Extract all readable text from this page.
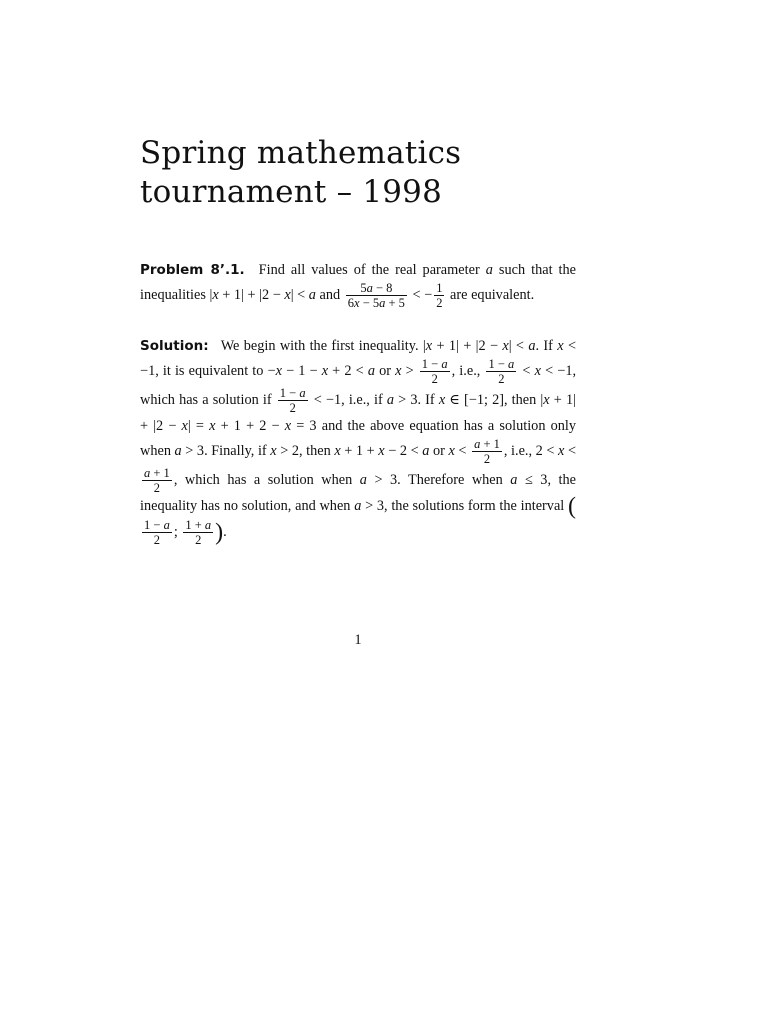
Spring mathematics
tournament – 1998
Problem 8’.1. Find all values of the real parameter a such that the inequalities |x + 1| + |2 − x| < a and $\frac{5a - 8}{6x - 5a + 5}$ < − $\frac{1}{2}$ are equivalent.
Solution: We begin with the first inequality. |x + 1| + |2 − x| < a. If x < −1, it is equivalent to −x − 1 − x + 2 < a or $x > \frac{1 - a}{2}$ , i.e., $\frac{1 - a}{2} < x < -1$, which has a solution if $\frac{1 - a}{2} < -1$, i.e., if a > 3. If x ∈ [−1; 2], then |x + 1| + |2 − x| = x + 1 + 2 − x = 3 and the above equation has a solution only when a > 3. Finally, if x > 2, then x + 1 + x − 2 < a or $x < \frac{a + 1}{2}$ , i.e., 2 < x <
$\frac{a + 1}{2}$ , which has a solution when a > 3. Therefore when a ≤ 3, the inequality has no solution, and when a > 3, the solutions form the interval (
$\frac{1 - a}{2}$ ; $\frac{1 + a}{2}$ ).
1
